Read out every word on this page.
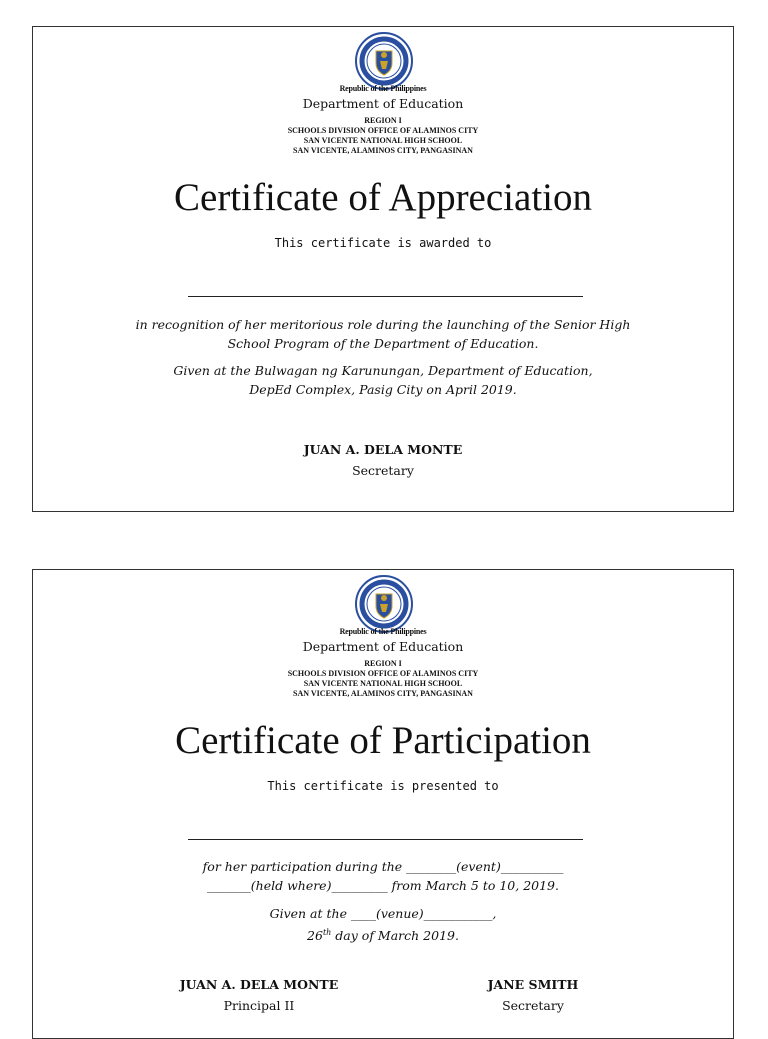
Republic of the Philippines
Department of Education
REGION I
SCHOOLS DIVISION OFFICE OF ALAMINOS CITY
SAN VICENTE NATIONAL HIGH SCHOOL
SAN VICENTE, ALAMINOS CITY, PANGASINAN
Certificate of Appreciation
This certificate is awarded to
in recognition of her meritorious role during the launching of the Senior High
School Program of the Department of Education.
Given at the Bulwagan ng Karunungan, Department of Education,
DepEd Complex, Pasig City on April 2019.
JUAN A. DELA MONTE
Secretary
Republic of the Philippines
Department of Education
REGION I
SCHOOLS DIVISION OFFICE OF ALAMINOS CITY
SAN VICENTE NATIONAL HIGH SCHOOL
SAN VICENTE, ALAMINOS CITY, PANGASINAN
Certificate of Participation
This certificate is presented to
for her participation during the ________(event)__________
_______(held where)_________ from March 5 to 10, 2019.
Given at the ____(venue)___________,
26th day of March 2019.
JUAN A. DELA MONTE
Principal II
JANE SMITH
Secretary
